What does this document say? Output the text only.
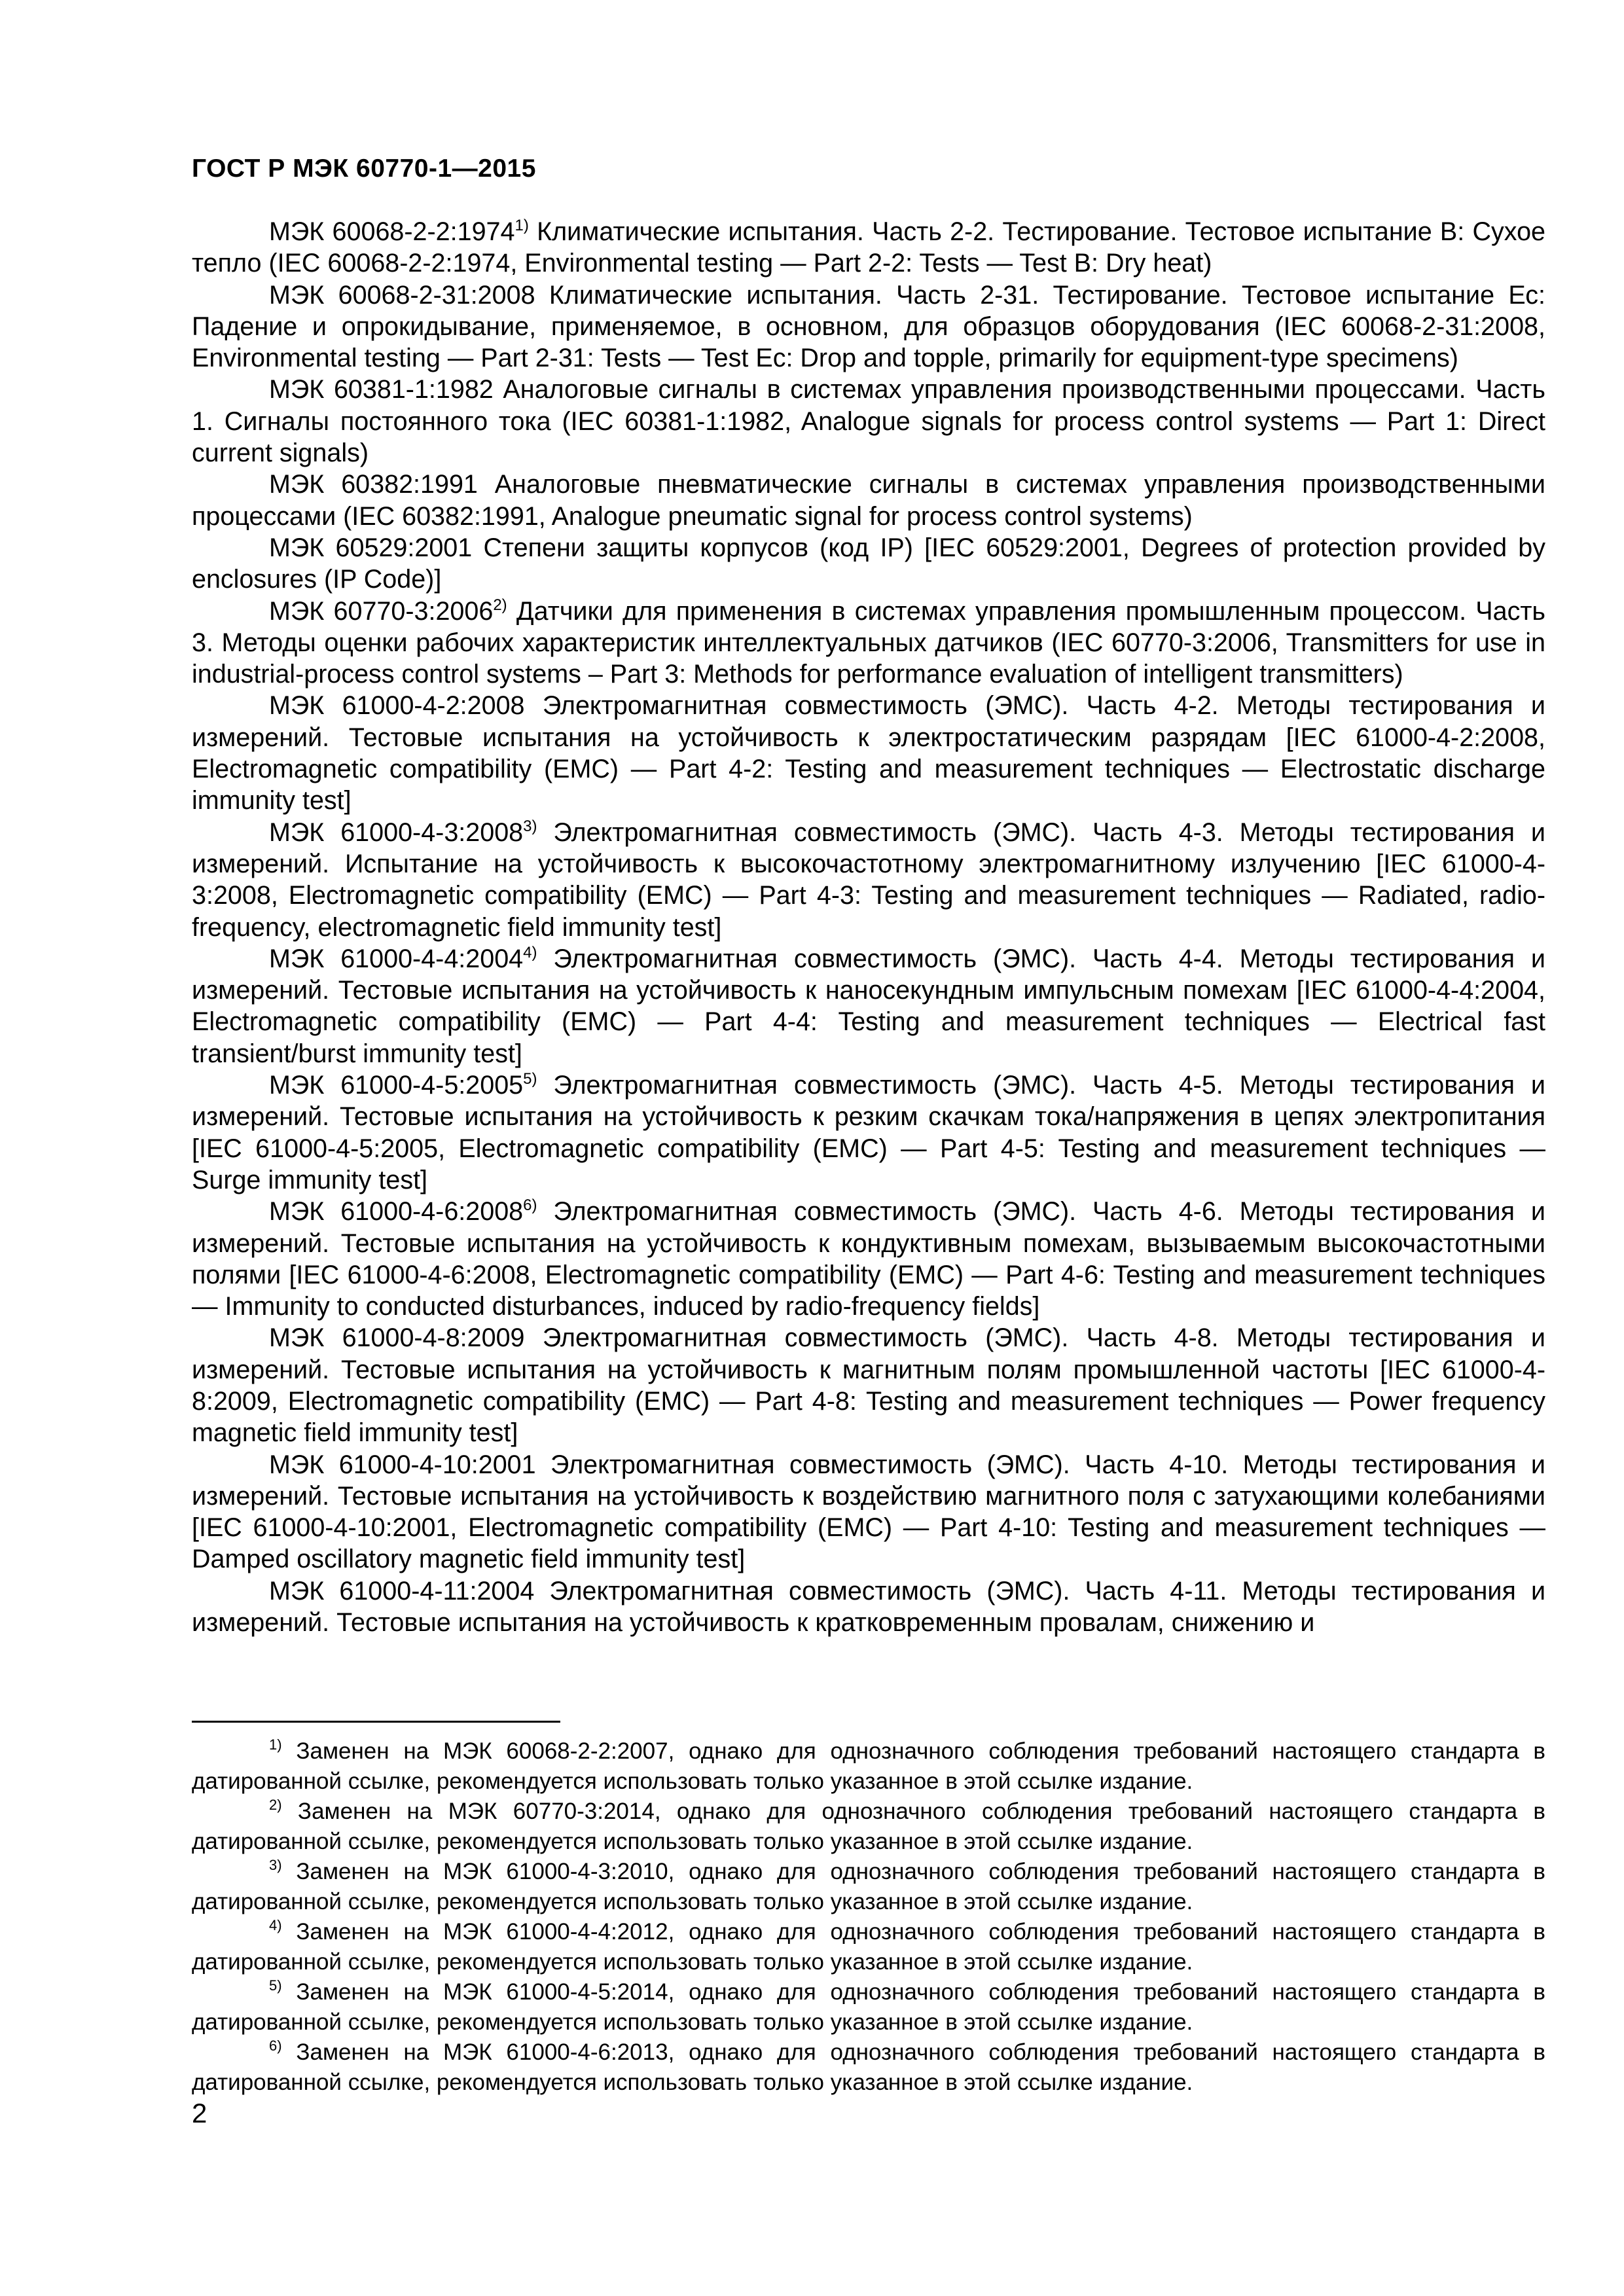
ГОСТ Р МЭК 60770-1—2015

МЭК 60068-2-2:1974$^{1)}$ Климатические испытания. Часть 2-2. Тестирование. Тестовое испытание В: Сухое тепло (IEC 60068-2-2:1974, Environmental testing — Part 2-2: Tests — Test B: Dry heat)

МЭК 60068-2-31:2008 Климатические испытания. Часть 2-31. Тестирование. Тестовое испытание Ес: Падение и опрокидывание, применяемое, в основном, для образцов оборудования (IEC 60068-2-31:2008, Environmental testing — Part 2-31: Tests — Test Ec: Drop and topple, primarily for equipment-type specimens)

МЭК 60381-1:1982 Аналоговые сигналы в системах управления производственными процессами. Часть 1. Сигналы постоянного тока (IEC 60381-1:1982, Analogue signals for process control systems — Part 1: Direct current signals)

МЭК 60382:1991 Аналоговые пневматические сигналы в системах управления производственными процессами (IEC 60382:1991, Analogue pneumatic signal for process control systems)

МЭК 60529:2001 Степени защиты корпусов (код IP) [IEC 60529:2001, Degrees of protection provided by enclosures (IP Code)]

МЭК 60770-3:2006$^{2)}$ Датчики для применения в системах управления промышленным процессом. Часть 3. Методы оценки рабочих характеристик интеллектуальных датчиков (IEC 60770-3:2006, Transmitters for use in industrial-process control systems – Part 3: Methods for performance evaluation of intelligent transmitters)

МЭК 61000-4-2:2008 Электромагнитная совместимость (ЭМС). Часть 4-2. Методы тестирования и измерений. Тестовые испытания на устойчивость к электростатическим разрядам [IEC 61000-4-2:2008, Electromagnetic compatibility (EMC) — Part 4-2: Testing and measurement techniques — Electrostatic discharge immunity test]

МЭК 61000-4-3:2008$^{3)}$ Электромагнитная совместимость (ЭМС). Часть 4-3. Методы тестирования и измерений. Испытание на устойчивость к высокочастотному электромагнитному излучению [IEC 61000-4-3:2008, Electromagnetic compatibility (EMC) — Part 4-3: Testing and measurement techniques — Radiated, radio-frequency, electromagnetic field immunity test]

МЭК 61000-4-4:2004$^{4)}$ Электромагнитная совместимость (ЭМС). Часть 4-4. Методы тестирования и измерений. Тестовые испытания на устойчивость к наносекундным импульсным помехам [IEC 61000-4-4:2004, Electromagnetic compatibility (EMC) — Part 4-4: Testing and measurement techniques — Electrical fast transient/burst immunity test]

МЭК 61000-4-5:2005$^{5)}$ Электромагнитная совместимость (ЭМС). Часть 4-5. Методы тестирования и измерений. Тестовые испытания на устойчивость к резким скачкам тока/напряжения в цепях электропитания [IEC 61000-4-5:2005, Electromagnetic compatibility (EMC) — Part 4-5: Testing and measurement techniques — Surge immunity test]

МЭК 61000-4-6:2008$^{6)}$ Электромагнитная совместимость (ЭМС). Часть 4-6. Методы тестирования и измерений. Тестовые испытания на устойчивость к кондуктивным помехам, вызываемым высокочастотными полями [IEC 61000-4-6:2008, Electromagnetic compatibility (EMC) — Part 4-6: Testing and measurement techniques — Immunity to conducted disturbances, induced by radio-frequency fields]

МЭК 61000-4-8:2009 Электромагнитная совместимость (ЭМС). Часть 4-8. Методы тестирования и измерений. Тестовые испытания на устойчивость к магнитным полям промышленной частоты [IEC 61000-4-8:2009, Electromagnetic compatibility (EMC) — Part 4-8: Testing and measurement techniques — Power frequency magnetic field immunity test]

МЭК 61000-4-10:2001 Электромагнитная совместимость (ЭМС). Часть 4-10. Методы тестирования и измерений. Тестовые испытания на устойчивость к воздействию магнитного поля с затухающими колебаниями [IEC 61000-4-10:2001, Electromagnetic compatibility (EMC) — Part 4-10: Testing and measurement techniques — Damped oscillatory magnetic field immunity test]

МЭК 61000-4-11:2004 Электромагнитная совместимость (ЭМС). Часть 4-11. Методы тестирования и измерений. Тестовые испытания на устойчивость к кратковременным провалам, снижению и

$^{1)}$ Заменен на МЭК 60068-2-2:2007, однако для однозначного соблюдения требований настоящего стандарта в датированной ссылке, рекомендуется использовать только указанное в этой ссылке издание.

$^{2)}$ Заменен на МЭК 60770-3:2014, однако для однозначного соблюдения требований настоящего стандарта в датированной ссылке, рекомендуется использовать только указанное в этой ссылке издание.

$^{3)}$ Заменен на МЭК 61000-4-3:2010, однако для однозначного соблюдения требований настоящего стандарта в датированной ссылке, рекомендуется использовать только указанное в этой ссылке издание.

$^{4)}$ Заменен на МЭК 61000-4-4:2012, однако для однозначного соблюдения требований настоящего стандарта в датированной ссылке, рекомендуется использовать только указанное в этой ссылке издание.

$^{5)}$ Заменен на МЭК 61000-4-5:2014, однако для однозначного соблюдения требований настоящего стандарта в датированной ссылке, рекомендуется использовать только указанное в этой ссылке издание.

$^{6)}$ Заменен на МЭК 61000-4-6:2013, однако для однозначного соблюдения требований настоящего стандарта в датированной ссылке, рекомендуется использовать только указанное в этой ссылке издание.

2
